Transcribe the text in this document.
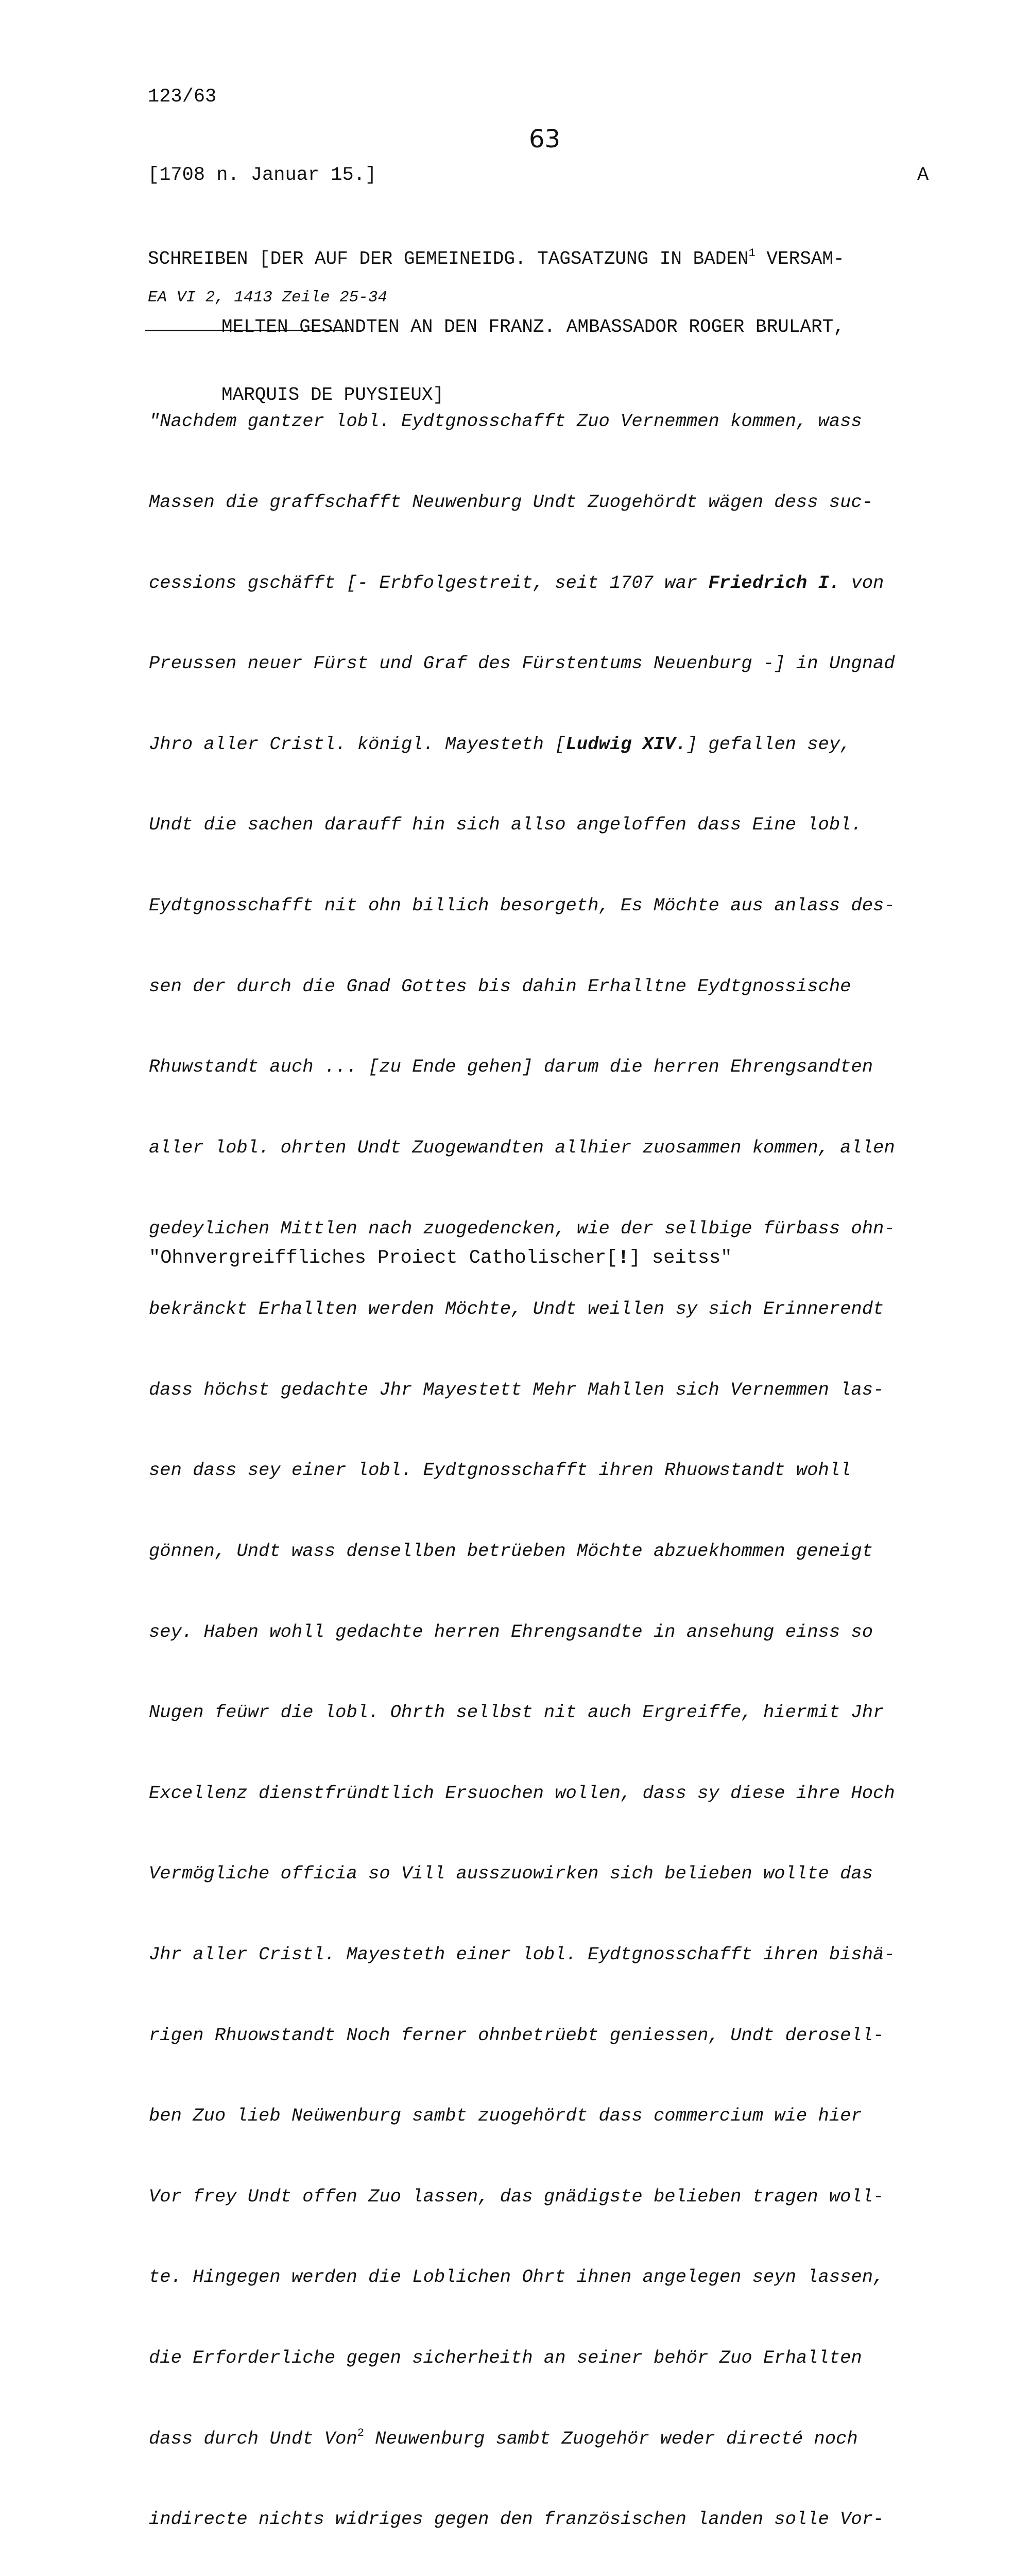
123/63
63
[1708 n. Januar 15.]	A

SCHREIBEN [DER AUF DER GEMEINEIDG. TAGSATZUNG IN BADEN$^1$ VERSAM-

MELTEN GESANDTEN AN DEN FRANZ. AMBASSADOR ROGER BRULART,

MARQUIS DE PUYSIEUX]

EA VI 2, 1413 Zeile 25-34

"Nachdem gantzer lobl. Eydtgnosschafft Zuo Vernemmen kommen, wass

Massen die graffschafft Neuwenburg Undt Zuogehördt wägen dess suc-

cessions gschäfft [- Erbfolgestreit, seit 1707 war Friedrich I. von

Preussen neuer Fürst und Graf des Fürstentums Neuenburg -] in Ungnad

Jhro aller Cristl. königl. Mayesteth [Ludwig XIV.] gefallen sey,

Undt die sachen darauff hin sich allso angeloffen dass Eine lobl.

Eydtgnosschafft nit ohn billich besorgeth, Es Möchte aus anlass des-

sen der durch die Gnad Gottes bis dahin Erhalltne Eydtgnossische

Rhuwstandt auch ... [zu Ende gehen] darum die herren Ehrengsandten

aller lobl. ohrten Undt Zuogewandten allhier zuosammen kommen, allen

gedeylichen Mittlen nach zuogedencken, wie der sellbige fürbass ohn-

bekränckt Erhallten werden Möchte, Undt weillen sy sich Erinnerendt

dass höchst gedachte Jhr Mayestett Mehr Mahllen sich Vernemmen las-

sen dass sey einer lobl. Eydtgnosschafft ihren Rhuowstandt wohll

gönnen, Undt wass densellben betrüeben Möchte abzuekhommen geneigt

sey. Haben wohll gedachte herren Ehrengsandte in ansehung einss so

Nugen feüwr die lobl. Ohrth sellbst nit auch Ergreiffe, hiermit Jhr

Excellenz dienstfründtlich Ersuochen wollen, dass sy diese ihre Hoch

Vermögliche officia so Vill ausszuowirken sich belieben wollte das

Jhr aller Cristl. Mayesteth einer lobl. Eydtgnosschafft ihren bishä-

rigen Rhuowstandt Noch ferner ohnbetrüebt geniessen, Undt derosell-

ben Zuo lieb Neüwenburg sambt zuogehördt dass commercium wie hier

Vor frey Undt offen Zuo lassen, das gnädigste belieben tragen woll-

te. Hingegen werden die Loblichen Ohrt ihnen angelegen seyn lassen,

die Erforderliche gegen sicherheith an seiner behör Zuo Erhallten

dass durch Undt Von$^2$ Neuwenburg sambt Zuogehör weder directé noch

indirecte nichts widriges gegen den französischen landen solle Vor-

"Ohnvergreiffliches Proiect Catholischer[!] seitss"
